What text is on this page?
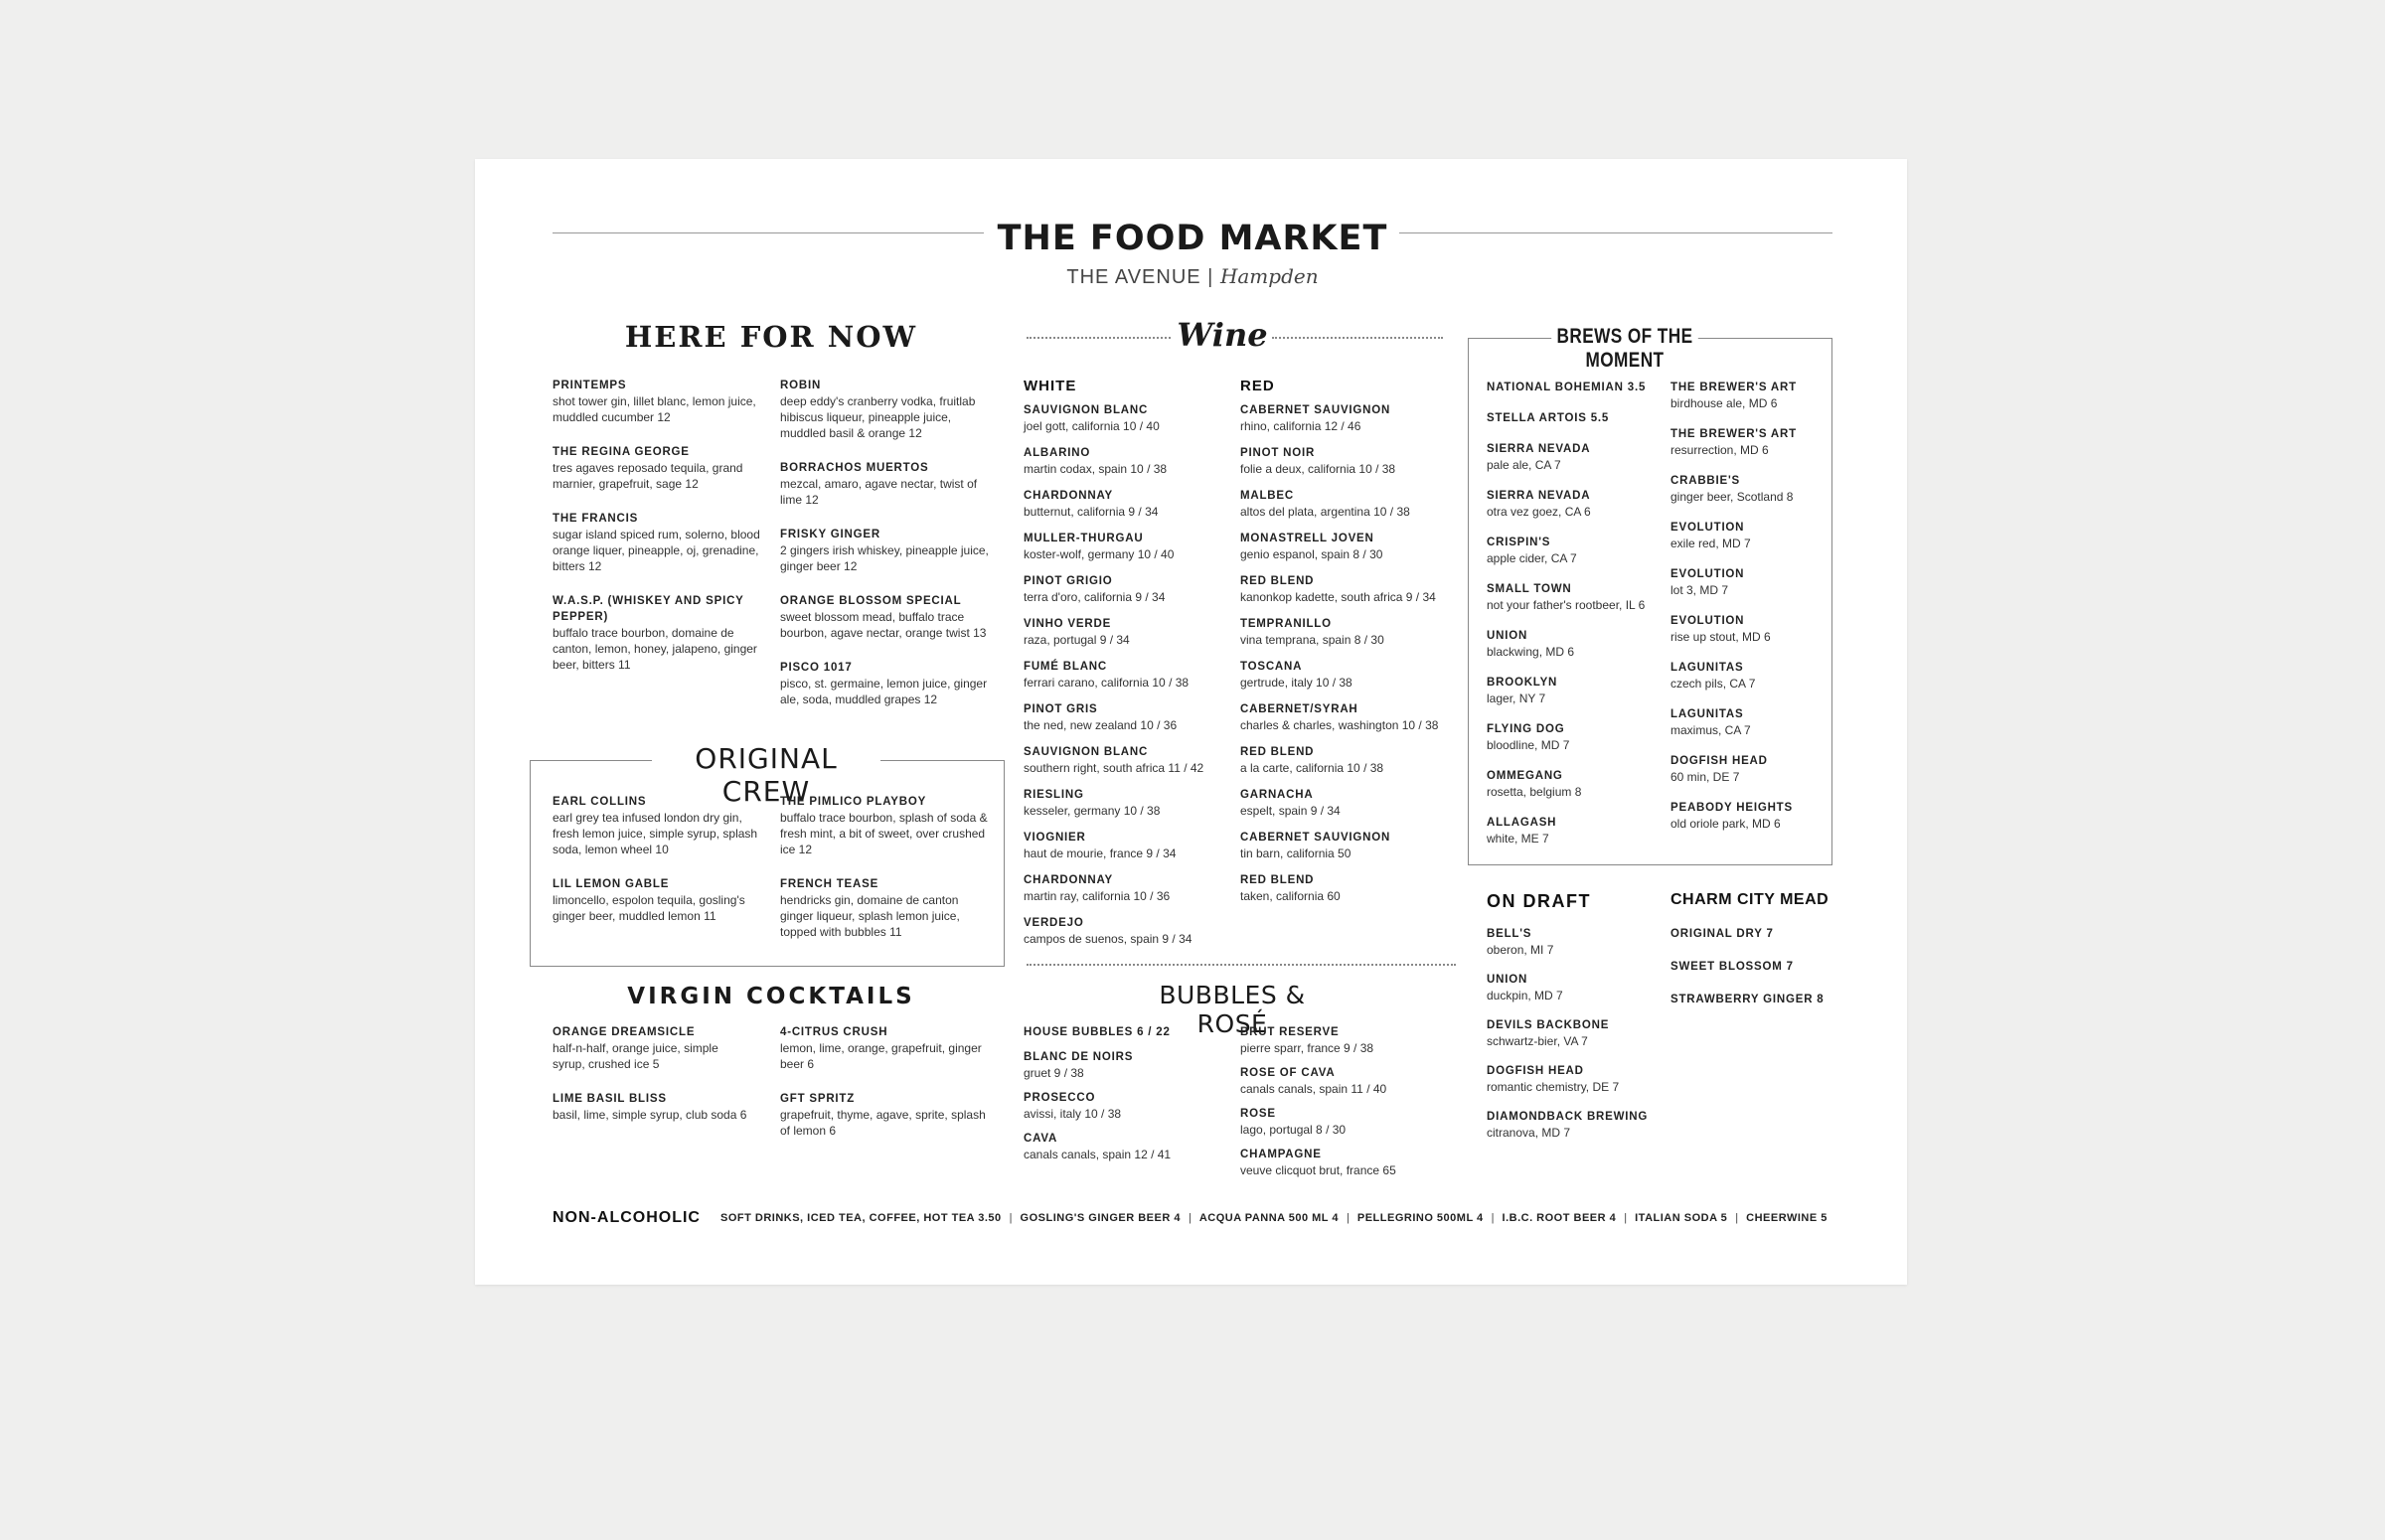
THE FOOD MARKET
THE AVENUE | Hampden
HERE FOR NOW
PRINTEMPS
shot tower gin, lillet blanc, lemon juice, muddled cucumber 12
THE REGINA GEORGE
tres agaves reposado tequila, grand marnier, grapefruit, sage 12
THE FRANCIS
sugar island spiced rum, solerno, blood orange liquer, pineapple, oj, grenadine, bitters 12
W.A.S.P. (WHISKEY AND SPICY PEPPER)
buffalo trace bourbon, domaine de canton, lemon, honey, jalapeno, ginger beer, bitters 11
ROBIN
deep eddy's cranberry vodka, fruitlab hibiscus liqueur, pineapple juice, muddled basil & orange 12
BORRACHOS MUERTOS
mezcal, amaro, agave nectar, twist of lime 12
FRISKY GINGER
2 gingers irish whiskey, pineapple juice, ginger beer 12
ORANGE BLOSSOM SPECIAL
sweet blossom mead, buffalo trace bourbon, agave nectar, orange twist 13
PISCO 1017
pisco, st. germaine, lemon juice, ginger ale, soda, muddled grapes 12
ORIGINAL CREW
EARL COLLINS
earl grey tea infused london dry gin, fresh lemon juice, simple syrup, splash soda, lemon wheel 10
LIL LEMON GABLE
limoncello, espolon tequila, gosling's ginger beer, muddled lemon 11
THE PIMLICO PLAYBOY
buffalo trace bourbon, splash of soda & fresh mint, a bit of sweet, over crushed ice 12
FRENCH TEASE
hendricks gin, domaine de canton ginger liqueur, splash lemon juice, topped with bubbles 11
VIRGIN COCKTAILS
ORANGE DREAMSICLE
half-n-half, orange juice, simple syrup, crushed ice 5
LIME BASIL BLISS
basil, lime, simple syrup, club soda 6
4-CITRUS CRUSH
lemon, lime, orange, grapefruit, ginger beer 6
GFT SPRITZ
grapefruit, thyme, agave, sprite, splash of lemon 6
Wine
WHITE
SAUVIGNON BLANC
joel gott, california 10 / 40
ALBARINO
martin codax, spain 10 / 38
CHARDONNAY
butternut, california 9 / 34
MULLER-THURGAU
koster-wolf, germany 10 / 40
PINOT GRIGIO
terra d'oro, california 9 / 34
VINHO VERDE
raza, portugal 9 / 34
FUMÉ BLANC
ferrari carano, california 10 / 38
PINOT GRIS
the ned, new zealand 10 / 36
SAUVIGNON BLANC
southern right, south africa 11 / 42
RIESLING
kesseler, germany 10 / 38
VIOGNIER
haut de mourie, france 9 / 34
CHARDONNAY
martin ray, california 10 / 36
VERDEJO
campos de suenos, spain 9 / 34
RED
CABERNET SAUVIGNON
rhino, california 12 / 46
PINOT NOIR
folie a deux, california 10 / 38
MALBEC
altos del plata, argentina 10 / 38
MONASTRELL JOVEN
genio espanol, spain 8 / 30
RED BLEND
kanonkop kadette, south africa 9 / 34
TEMPRANILLO
vina temprana, spain 8 / 30
TOSCANA
gertrude, italy 10 / 38
CABERNET/SYRAH
charles & charles, washington 10 / 38
RED BLEND
a la carte, california 10 / 38
GARNACHA
espelt, spain 9 / 34
CABERNET SAUVIGNON
tin barn, california 50
RED BLEND
taken, california 60
BUBBLES & ROSÉ
HOUSE BUBBLES 6 / 22
BLANC DE NOIRS
gruet 9 / 38
PROSECCO
avissi, italy 10 / 38
CAVA
canals canals, spain 12 / 41
BRUT RESERVE
pierre sparr, france 9 / 38
ROSE OF CAVA
canals canals, spain 11 / 40
ROSE
lago, portugal 8 / 30
CHAMPAGNE
veuve clicquot brut, france 65
BREWS OF THE MOMENT
NATIONAL BOHEMIAN 3.5
STELLA ARTOIS 5.5
SIERRA NEVADA
pale ale, CA 7
SIERRA NEVADA
otra vez goez, CA 6
CRISPIN'S
apple cider, CA 7
SMALL TOWN
not your father's rootbeer, IL 6
UNION
blackwing, MD 6
BROOKLYN
lager, NY 7
FLYING DOG
bloodline, MD 7
OMMEGANG
rosetta, belgium 8
ALLAGASH
white, ME 7
THE BREWER'S ART
birdhouse ale, MD 6
THE BREWER'S ART
resurrection, MD 6
CRABBIE'S
ginger beer, Scotland 8
EVOLUTION
exile red, MD 7
EVOLUTION
lot 3, MD 7
EVOLUTION
rise up stout, MD 6
LAGUNITAS
czech pils, CA 7
LAGUNITAS
maximus, CA 7
DOGFISH HEAD
60 min, DE 7
PEABODY HEIGHTS
old oriole park, MD 6
ON DRAFT
BELL'S
oberon, MI 7
UNION
duckpin, MD 7
DEVILS BACKBONE
schwartz-bier, VA 7
DOGFISH HEAD
romantic chemistry, DE 7
DIAMONDBACK BREWING
citranova, MD 7
CHARM CITY MEAD
ORIGINAL DRY 7
SWEET BLOSSOM 7
STRAWBERRY GINGER 8
NON-ALCOHOLIC SOFT DRINKS, ICED TEA, COFFEE, HOT TEA 3.50 | GOSLING'S GINGER BEER 4 | ACQUA PANNA 500 ML 4 | PELLEGRINO 500ML 4 | I.B.C. ROOT BEER 4 | ITALIAN SODA 5 | CHEERWINE 5
